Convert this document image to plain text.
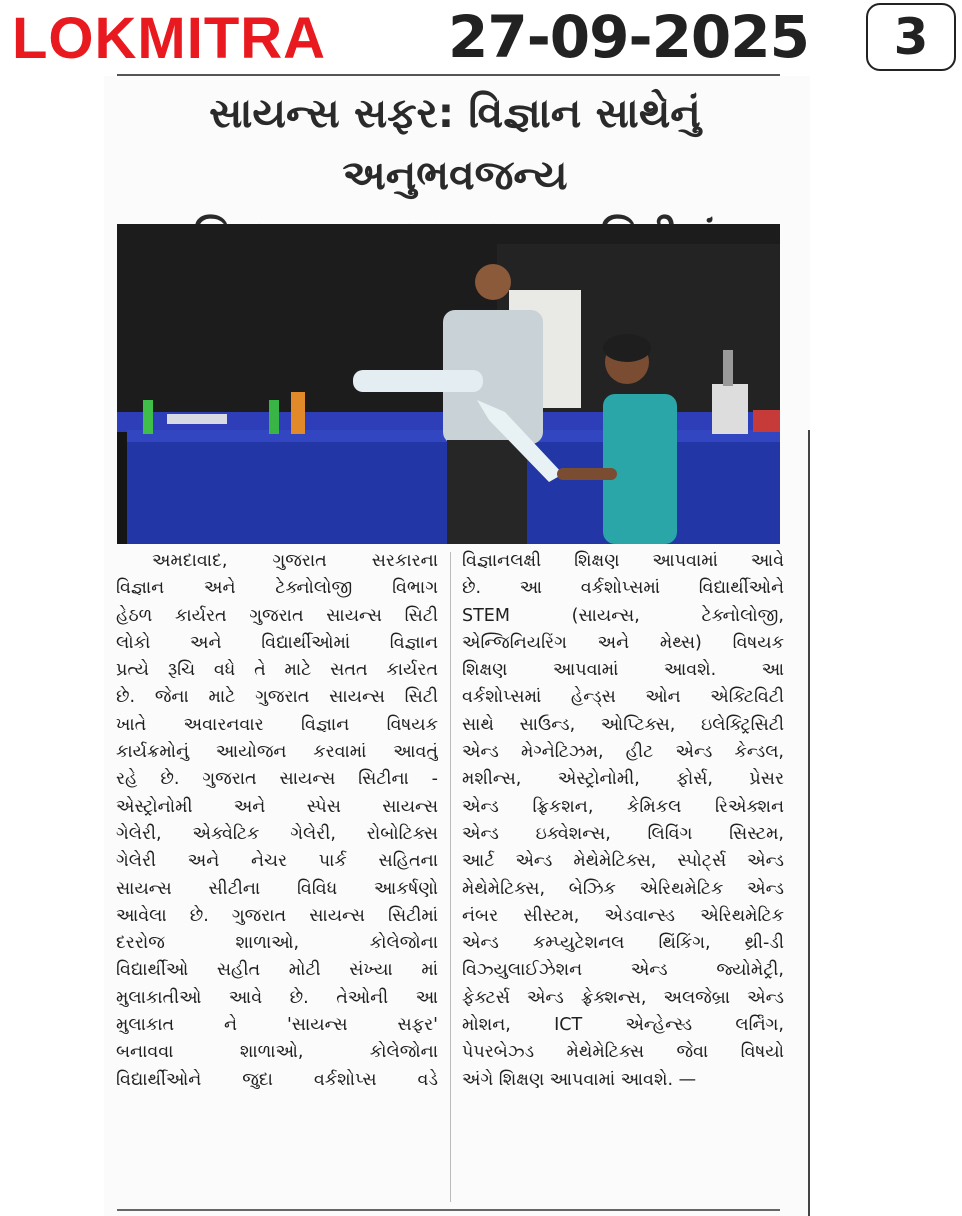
LOKMITRA 27-09-2025	3
સાયન્સ સફર: વિજ્ઞાન સાથેનું અનુભવજન્ય
અમદાવાદ, ગુજરાત સરકારના
વિજ્ઞાન અને ટેક્નોલોજી વિભાગ
હેઠળ કાર્યરત ગુજરાત સાયન્સ સિટી
લોકો અને વિદ્યાર્થીઓમાં વિજ્ઞાન
પ્રત્યે રૂચિ વધે તે માટે સતત કાર્યરત
છે. જેના માટે ગુજરાત સાયન્સ સિટી
ખાતે અવારનવાર વિજ્ઞાન વિષયક
કાર્યક્રમોનું આયોજન કરવામાં આવતું
રહે છે. ગુજરાત સાયન્સ સિટીના -
એસ્ટ્રોનોમી અને સ્પેસ સાયન્સ
ગેલેરી, એક્વેટિક ગેલેરી, રોબોટિક્સ
ગેલેરી અને નેચર પાર્ક સહિતના
સાયન્સ સીટીના વિવિધ આકર્ષણો
આવેલા છે. ગુજરાત સાયન્સ સિટીમાં
દરરોજ શાળાઓ, કોલેજોના
વિદ્યાર્થીઓ સહીત મોટી સંખ્યા માં
મુલાકાતીઓ આવે છે. તેઓની આ
મુલાકાત ને 'સાયન્સ સફર'
બનાવવા શાળાઓ, કોલેજોના
વિદ્યાર્થીઓને જુદા વર્કશોપ્સ વડે
વિજ્ઞાનલક્ષી શિક્ષણ આપવામાં આવે
છે. આ વર્કશોપ્સમાં વિદ્યાર્થીઓને
STEM (સાયન્સ, ટેક્નોલોજી,
એન્જિનિયરિંગ અને મેથ્સ) વિષયક
શિક્ષણ આપવામાં આવશે. આ
વર્કશોપ્સમાં હેન્ડ્સ ઓન એક્ટિવિટી
સાથે સાઉન્ડ, ઓપ્ટિક્સ, ઇલેક્ટ્રિસિટી
એન્ડ મેગ્નેટિઝમ, હીટ એન્ડ કેન્ડલ,
મશીન્સ, એસ્ટ્રોનોમી, ફોર્સ, પ્રેસર
એન્ડ ફ્રિકશન, કેમિકલ રિએક્શન
એન્ડ ઇક્વેશન્સ, લિવિંગ સિસ્ટમ,
આર્ટ એન્ડ મેથેમેટિક્સ, સ્પોર્ટ્સ એન્ડ
મેથેમેટિક્સ, બેઝિક એરિથમેટિક એન્ડ
નંબર સીસ્ટમ, એડવાન્સ્ડ એરિથમેટિક
એન્ડ કમ્પ્યુટેશનલ થિંકિંગ, થ્રી-ડી
વિઝ્યુલાઈઝેશન એન્ડ જ્યોમેટ્રી,
ફેક્ટર્સ એન્ડ ફ્રેક્શન્સ, અલજેબ્રા એન્ડ
મોશન, ICT એન્હેન્સ્ડ લર્નિંગ,
પેપરબેઝ્ડ મેથેમેટિક્સ જેવા વિષયો
અંગે શિક્ષણ આપવામાં આવશે. —
